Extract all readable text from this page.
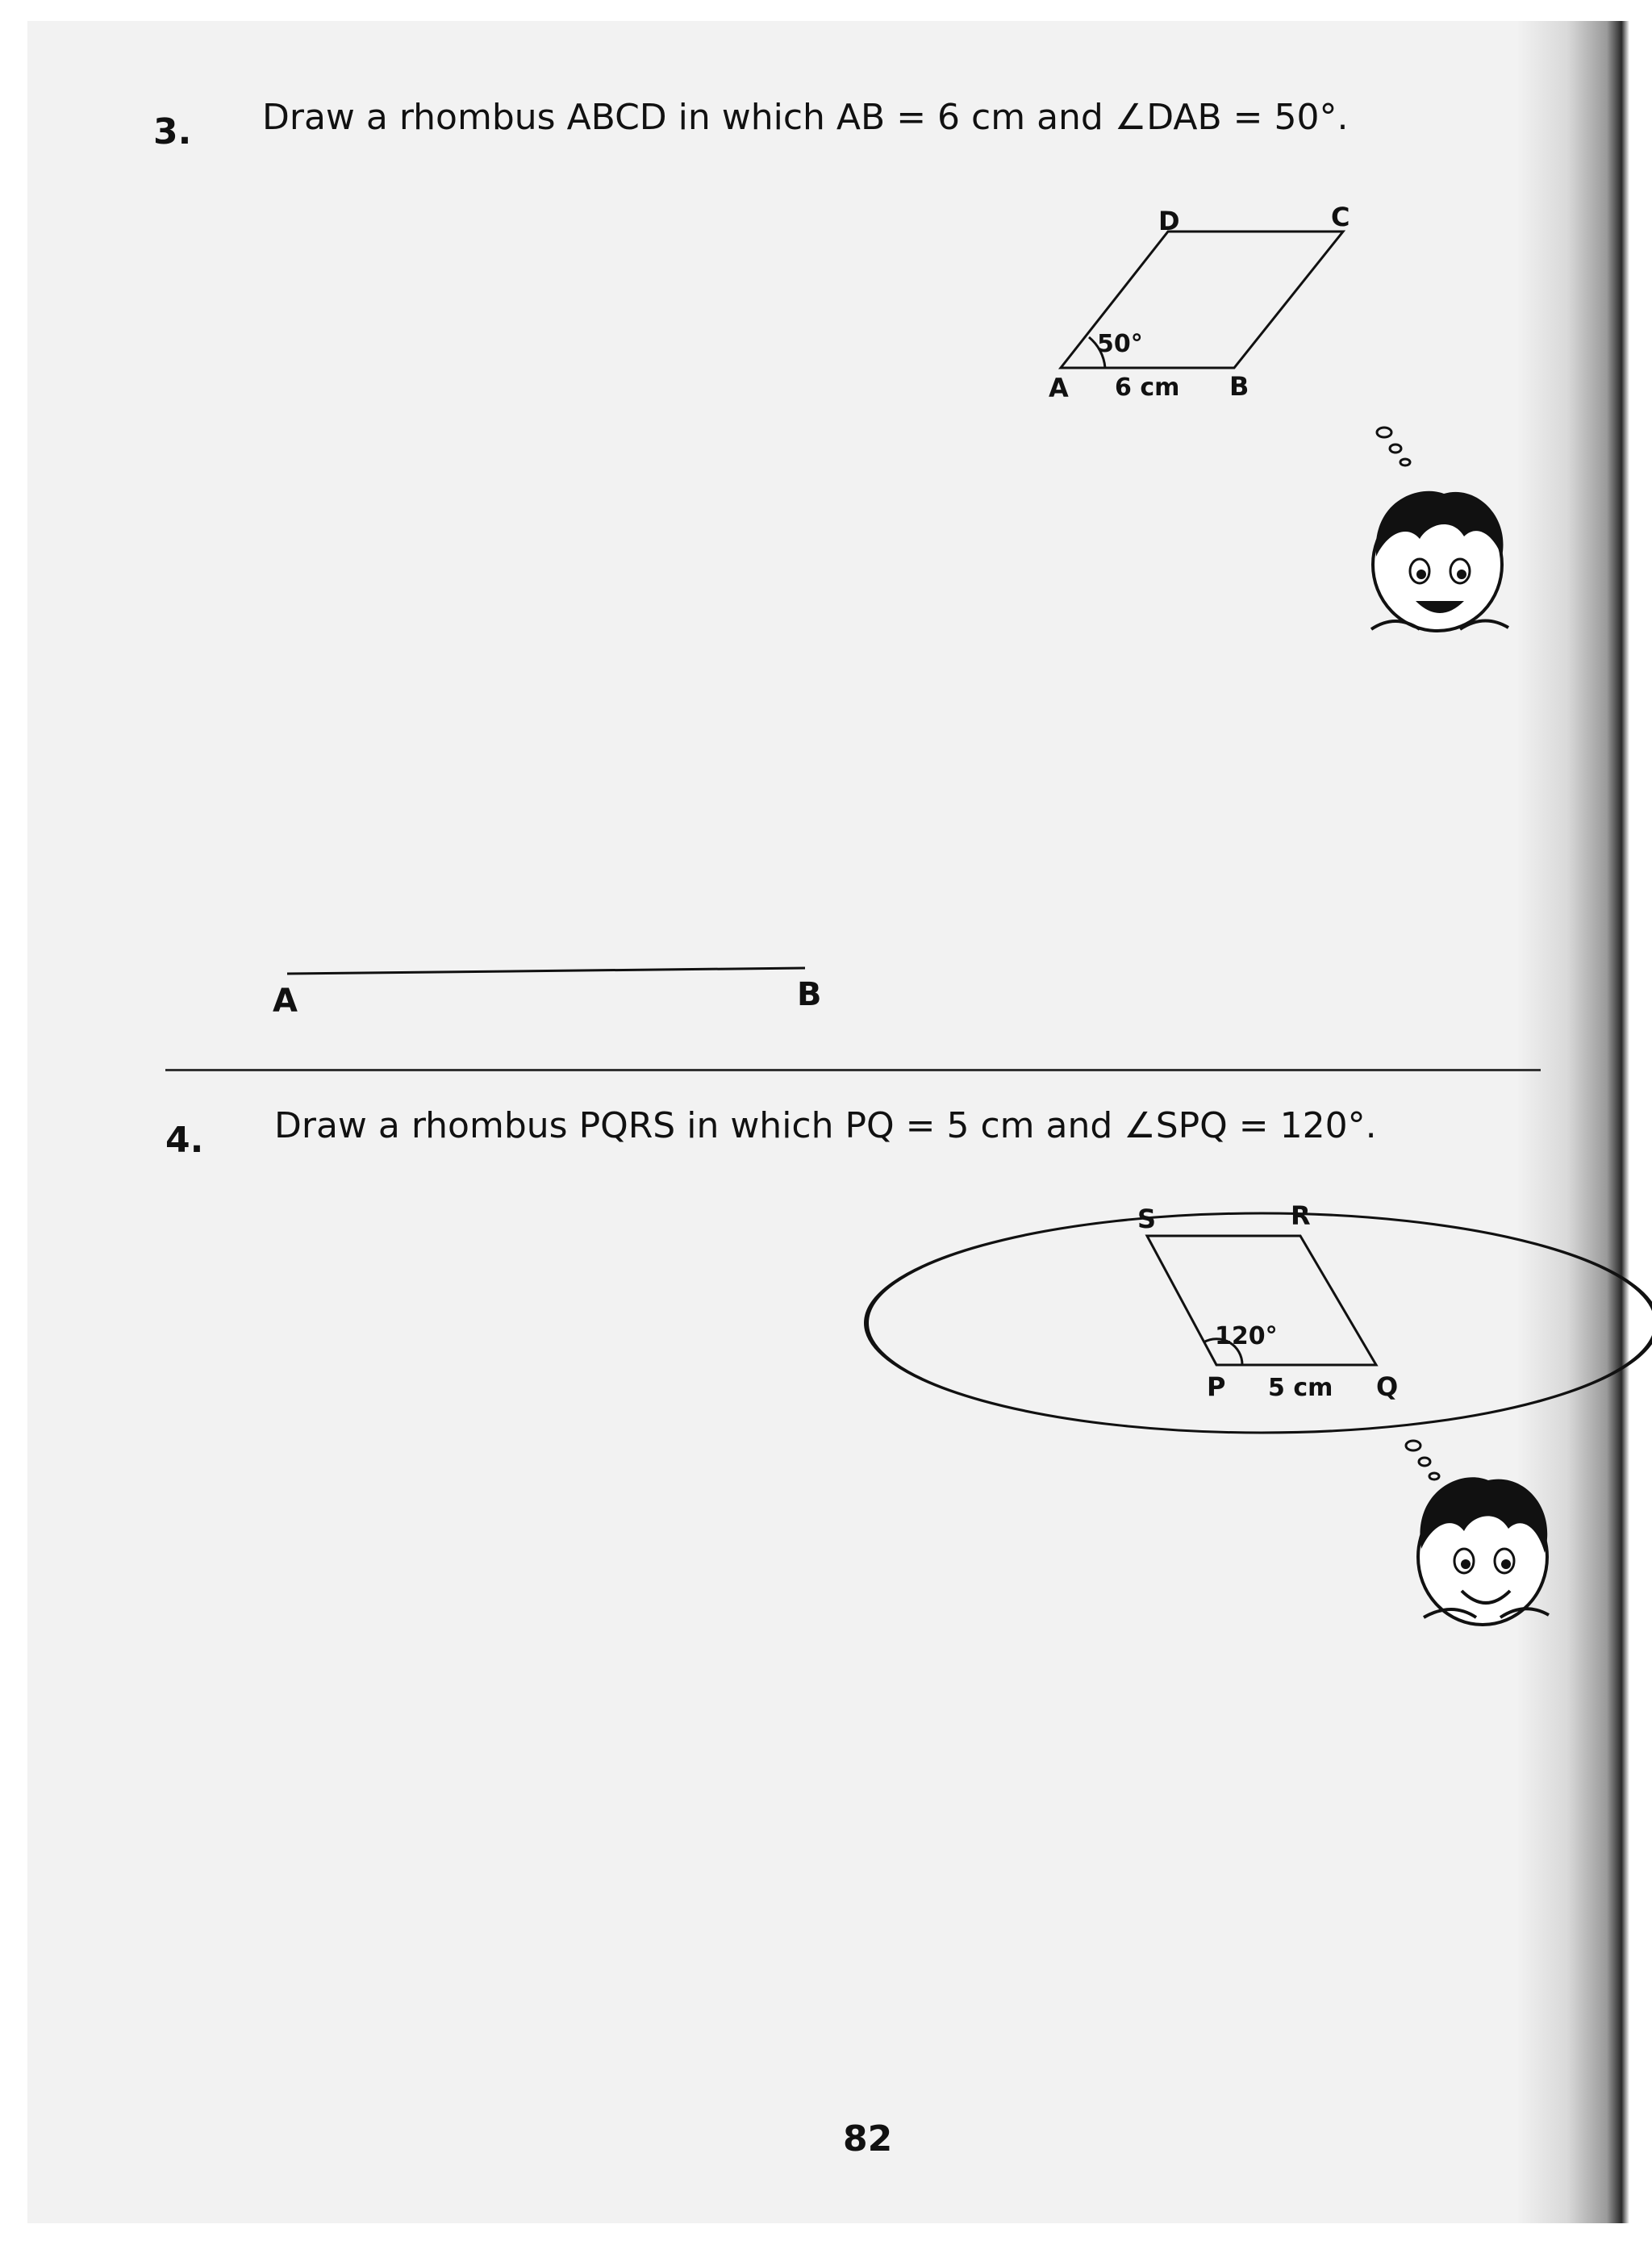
3. Draw a rhombus ABCD in which AB = 6 cm and ∠DAB = 50°.
A	B
C
D
50°
6 cm
A	B
4. Draw a rhombus PQRS in which PQ = 5 cm and ∠SPQ = 120°.
P	Q
R
S
120°
5 cm
82
